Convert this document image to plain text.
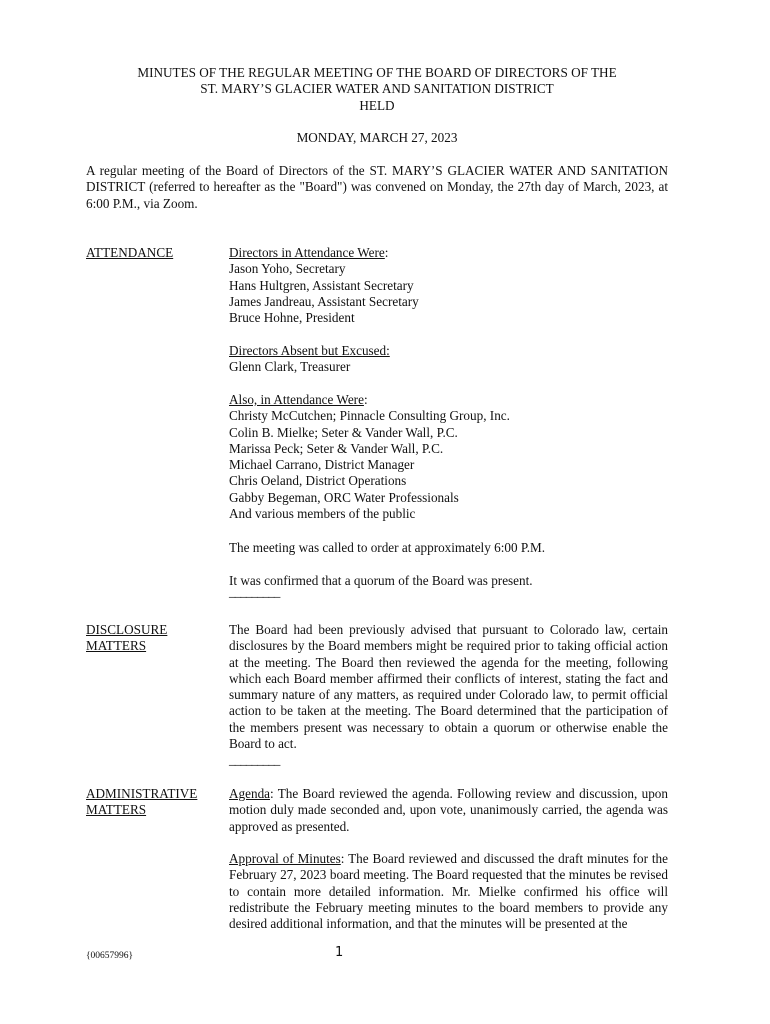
MINUTES OF THE REGULAR MEETING OF THE BOARD OF DIRECTORS OF THE
ST. MARY’S GLACIER WATER AND SANITATION DISTRICT
HELD
MONDAY, MARCH 27, 2023
A regular meeting of the Board of Directors of the ST. MARY’S GLACIER WATER AND SANITATION DISTRICT (referred to hereafter as the "Board") was convened on Monday, the 27th day of March, 2023, at 6:00 P.M., via Zoom.
ATTENDANCE	Directors in Attendance Were:
Jason Yoho, Secretary
Hans Hultgren, Assistant Secretary
James Jandreau, Assistant Secretary
Bruce Hohne, President
Directors Absent but Excused:
Glenn Clark, Treasurer
Also, in Attendance Were:
Christy McCutchen; Pinnacle Consulting Group, Inc.
Colin B. Mielke; Seter & Vander Wall, P.C.
Marissa Peck; Seter & Vander Wall, P.C.
Michael Carrano, District Manager
Chris Oeland, District Operations
Gabby Begeman, ORC Water Professionals
And various members of the public
The meeting was called to order at approximately 6:00 P.M.
It was confirmed that a quorum of the Board was present.
_________
DISCLOSURE
MATTERS
The Board had been previously advised that pursuant to Colorado law, certain disclosures by the Board members might be required prior to taking official action at the meeting. The Board then reviewed the agenda for the meeting, following which each Board member affirmed their conflicts of interest, stating the fact and summary nature of any matters, as required under Colorado law, to permit official action to be taken at the meeting. The Board determined that the participation of the members present was necessary to obtain a quorum or otherwise enable the Board to act.
_________
ADMINISTRATIVE
MATTERS
Agenda: The Board reviewed the agenda. Following review and discussion, upon motion duly made seconded and, upon vote, unanimously carried, the agenda was approved as presented.
Approval of Minutes: The Board reviewed and discussed the draft minutes for the February 27, 2023 board meeting. The Board requested that the minutes be revised to contain more detailed information. Mr. Mielke confirmed his office will redistribute the February meeting minutes to the board members to provide any desired additional information, and that the minutes will be presented at the
{00657996}	1
